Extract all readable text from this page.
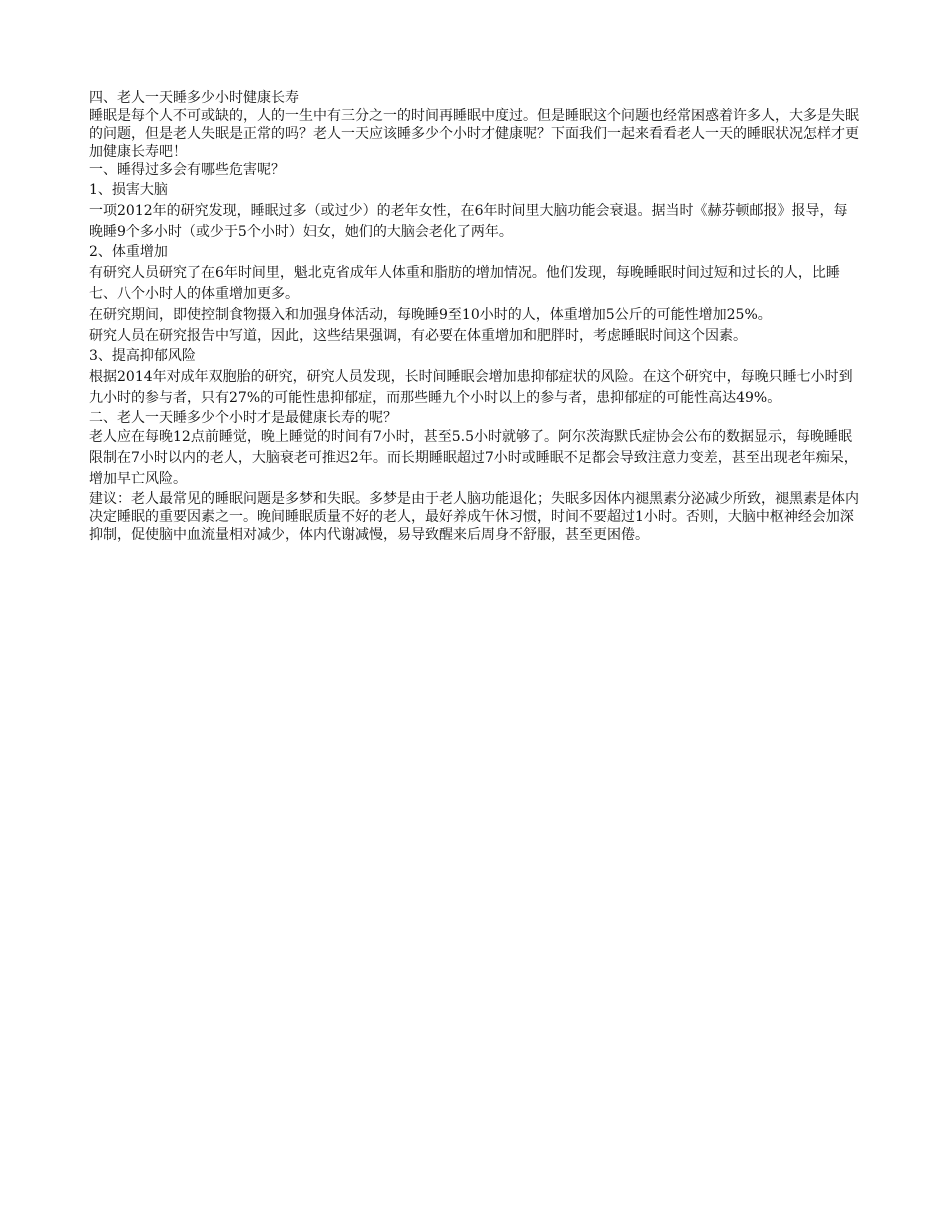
四、老人一天睡多少小时健康长寿

睡眠是每个人不可或缺的，人的一生中有三分之一的时间再睡眠中度过。但是睡眠这个问题也经常困惑着许多人，大多是失眠的问题，但是老人失眠是正常的吗？老人一天应该睡多少个小时才健康呢？下面我们一起来看看老人一天的睡眠状况怎样才更加健康长寿吧！

一、睡得过多会有哪些危害呢？

1、损害大脑

一项2012年的研究发现，睡眠过多（或过少）的老年女性，在6年时间里大脑功能会衰退。据当时《赫芬顿邮报》报导，每晚睡9个多小时（或少于5个小时）妇女，她们的大脑会老化了两年。

2、体重增加

有研究人员研究了在6年时间里，魁北克省成年人体重和脂肪的增加情况。他们发现，每晚睡眠时间过短和过长的人，比睡七、八个小时人的体重增加更多。

在研究期间，即使控制食物摄入和加强身体活动，每晚睡9至10小时的人，体重增加5公斤的可能性增加25%。

研究人员在研究报告中写道，因此，这些结果强调，有必要在体重增加和肥胖时，考虑睡眠时间这个因素。

3、提高抑郁风险

根据2014年对成年双胞胎的研究，研究人员发现，长时间睡眠会增加患抑郁症状的风险。在这个研究中，每晚只睡七小时到九小时的参与者，只有27%的可能性患抑郁症，而那些睡九个小时以上的参与者，患抑郁症的可能性高达49%。

二、老人一天睡多少个小时才是最健康长寿的呢？

老人应在每晚12点前睡觉，晚上睡觉的时间有7小时，甚至5.5小时就够了。阿尔茨海默氏症协会公布的数据显示，每晚睡眠限制在7小时以内的老人，大脑衰老可推迟2年。而长期睡眠超过7小时或睡眠不足都会导致注意力变差，甚至出现老年痴呆，增加早亡风险。

建议：老人最常见的睡眠问题是多梦和失眠。多梦是由于老人脑功能退化；失眠多因体内褪黑素分泌减少所致，褪黑素是体内决定睡眠的重要因素之一。晚间睡眠质量不好的老人，最好养成午休习惯，时间不要超过1小时。否则，大脑中枢神经会加深抑制，促使脑中血流量相对减少，体内代谢减慢，易导致醒来后周身不舒服，甚至更困倦。
